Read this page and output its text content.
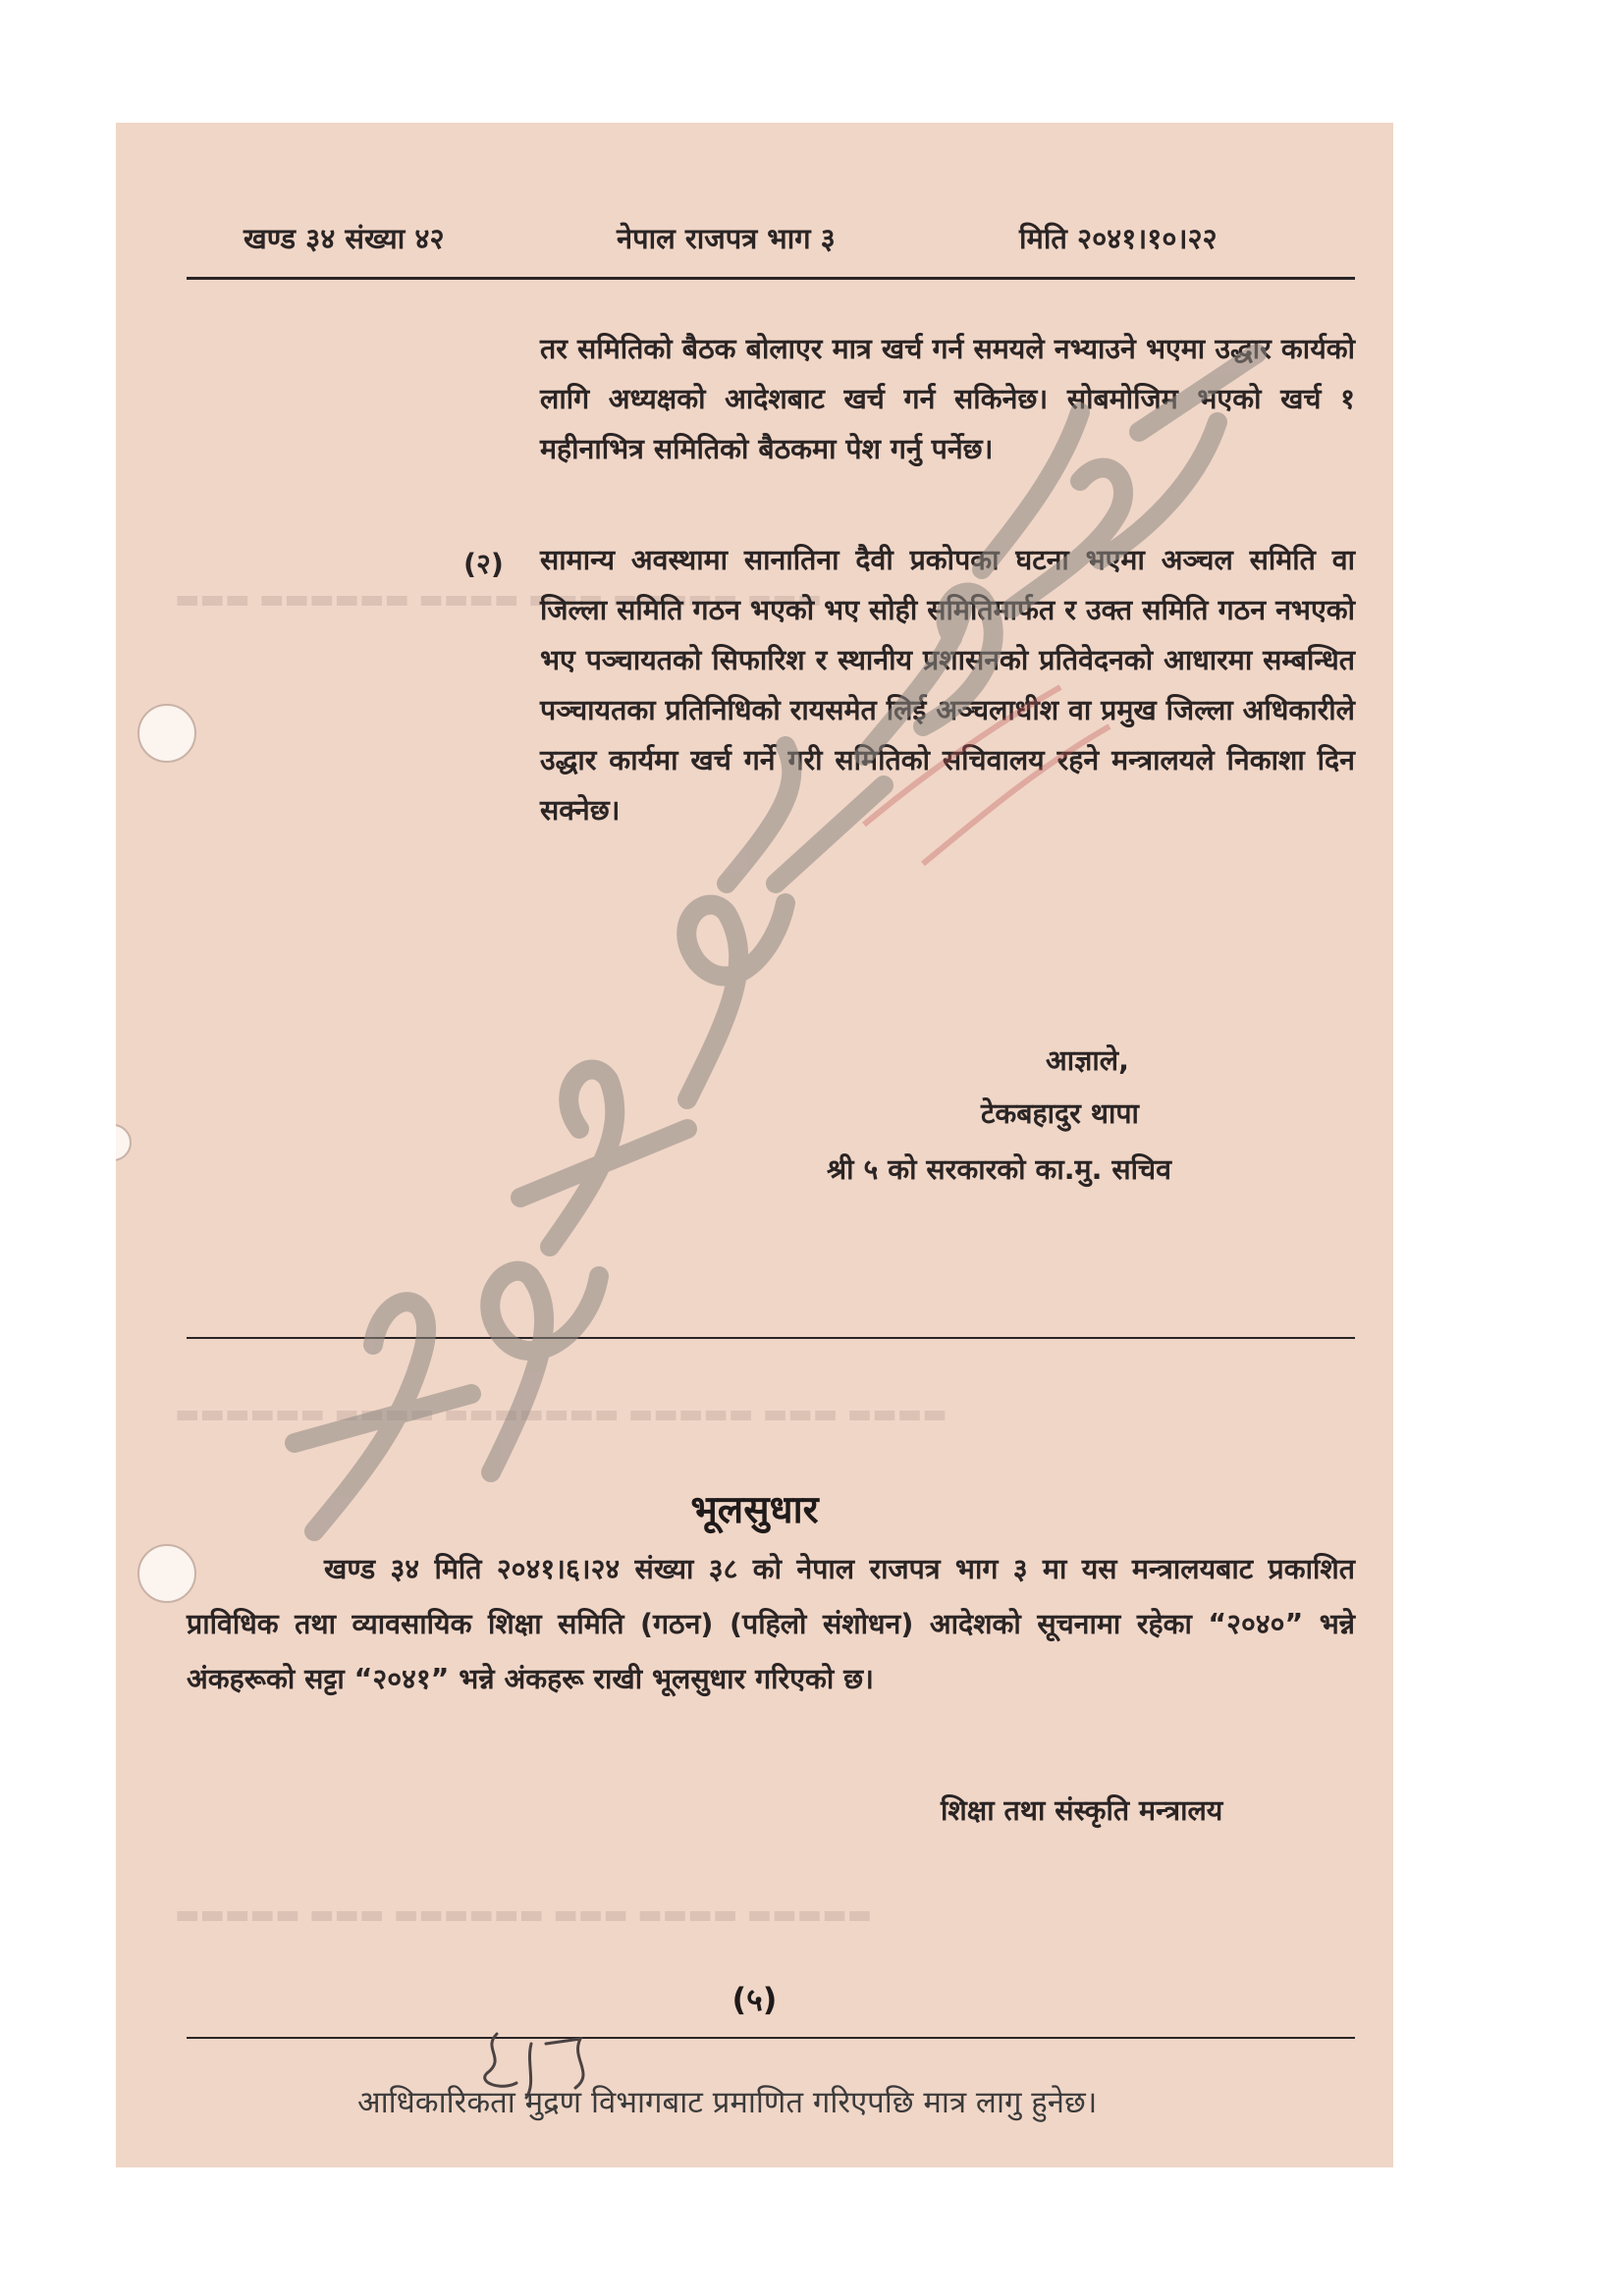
▬▬▬ ▬▬▬▬▬ ▬▬▬ ▬▬▬▬ ▬▬▬▬▬▬ ▬▬▬
▬▬▬▬ ▬▬▬ ▬▬▬▬▬ ▬▬▬▬▬▬▬ ▬▬▬▬ ▬▬▬▬▬▬
▬▬▬▬▬ ▬▬▬▬ ▬▬▬ ▬▬▬▬▬▬ ▬▬▬ ▬▬▬▬▬
खण्ड ३४ संख्या ४२	नेपाल राजपत्र भाग ३	मिति २०४१।१०।२२
तर समितिको बैठक बोलाएर मात्र खर्च गर्न समयले नभ्याउने भएमा उद्धार कार्यको लागि अध्यक्षको आदेशबाट खर्च गर्न सकिनेछ। सोबमोजिम भएको खर्च १ महीनाभित्र समितिको बैठकमा पेश गर्नु पर्नेछ।
(२) सामान्य अवस्थामा सानातिना दैवी प्रकोपका घटना भएमा अञ्चल समिति वा जिल्ला समिति गठन भएको भए सोही समितिमार्फत र उक्त समिति गठन नभएको भए पञ्चायतको सिफारिश र स्थानीय प्रशासनको प्रतिवेदनको आधारमा सम्बन्धित पञ्चायतका प्रतिनिधिको रायसमेत लिई अञ्चलाधीश वा प्रमुख जिल्ला अधिकारीले उद्धार कार्यमा खर्च गर्ने गरी समितिको सचिवालय रहने मन्त्रालयले निकाशा दिन सक्नेछ।
आज्ञाले,
टेकबहादुर थापा
श्री ५ को सरकारको का.मु. सचिव
भूलसुधार
खण्ड ३४ मिति २०४१।६।२४ संख्या ३८ को नेपाल राजपत्र भाग ३ मा यस मन्त्रालयबाट प्रकाशित प्राविधिक तथा व्यावसायिक शिक्षा समिति (गठन) (पहिलो संशोधन) आदेशको सूचनामा रहेका “२०४०” भन्ने अंकहरूको सट्टा “२०४१” भन्ने अंकहरू राखी भूलसुधार गरिएको छ।
शिक्षा तथा संस्कृति मन्त्रालय
(५)
आधिकारिकता मुद्रण विभागबाट प्रमाणित गरिएपछि मात्र लागु हुनेछ।
